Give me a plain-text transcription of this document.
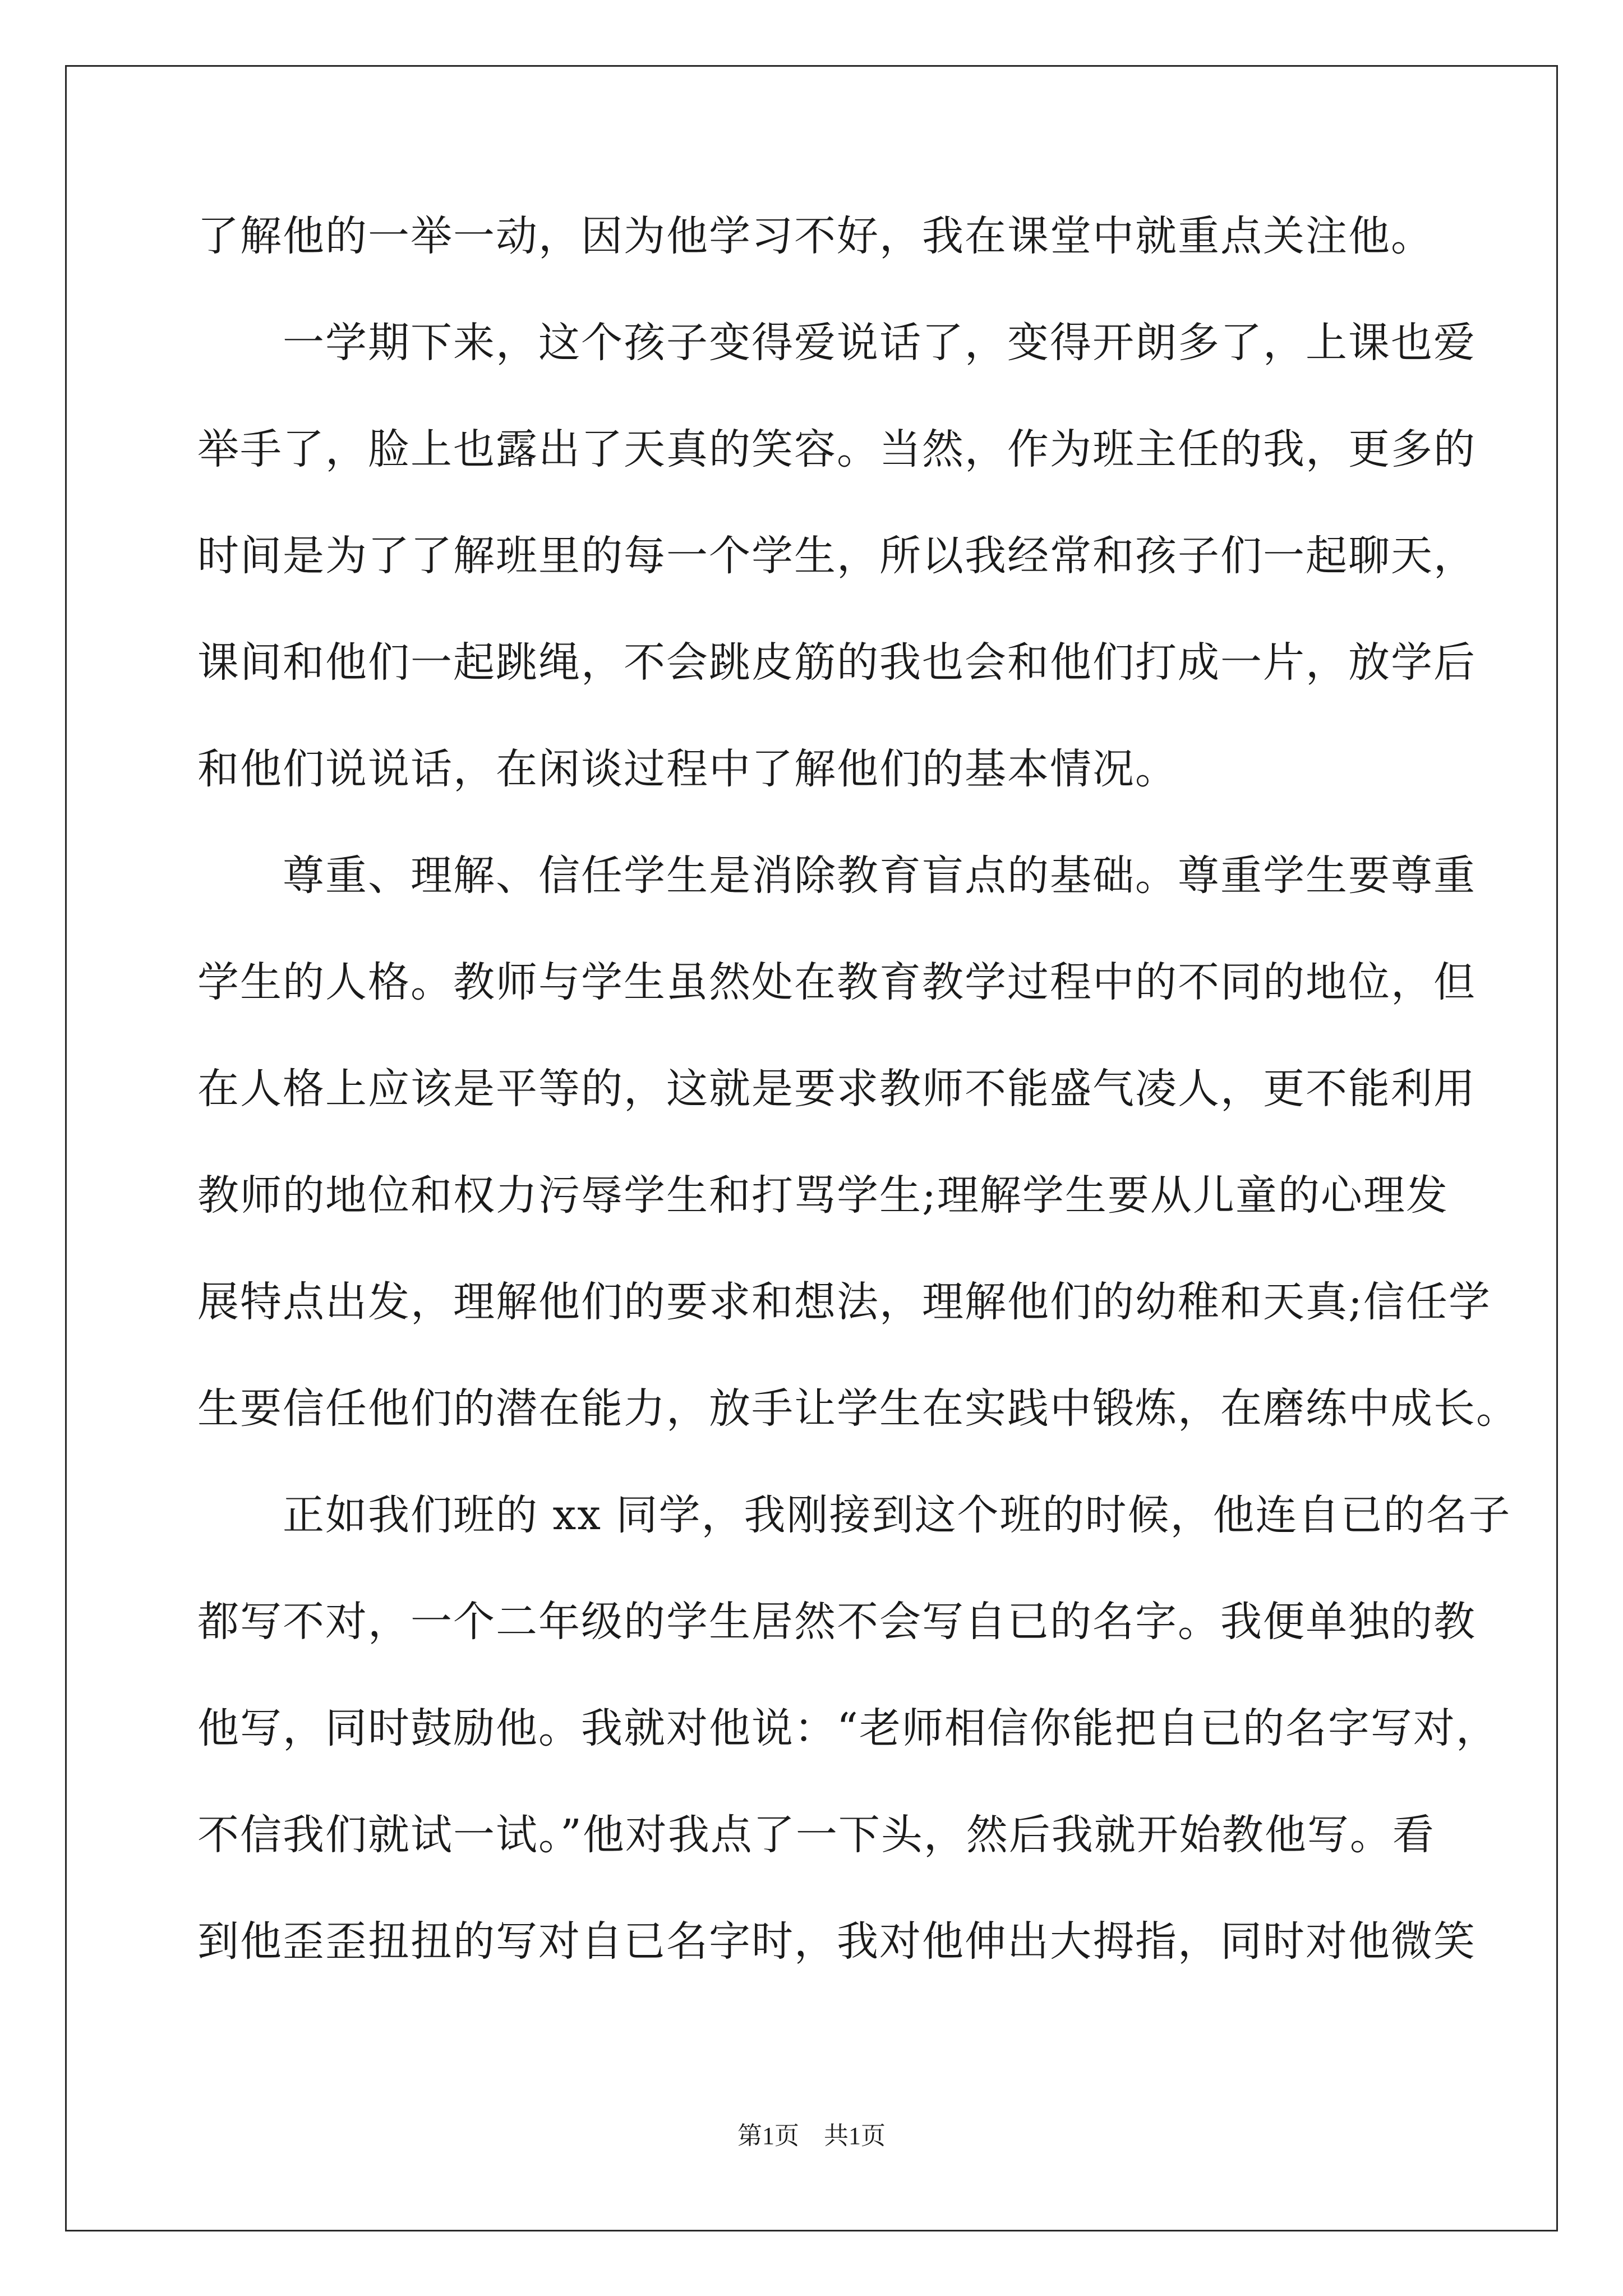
了解他的一举一动，因为他学习不好，我在课堂中就重点关注他。
　　一学期下来，这个孩子变得爱说话了，变得开朗多了，上课也爱
举手了，脸上也露出了天真的笑容。当然，作为班主任的我，更多的
时间是为了了解班里的每一个学生，所以我经常和孩子们一起聊天，
课间和他们一起跳绳，不会跳皮筋的我也会和他们打成一片，放学后
和他们说说话，在闲谈过程中了解他们的基本情况。
　　尊重、理解、信任学生是消除教育盲点的基础。尊重学生要尊重
学生的人格。教师与学生虽然处在教育教学过程中的不同的地位，但
在人格上应该是平等的，这就是要求教师不能盛气凌人，更不能利用
教师的地位和权力污辱学生和打骂学生;理解学生要从儿童的心理发
展特点出发，理解他们的要求和想法，理解他们的幼稚和天真;信任学
生要信任他们的潜在能力，放手让学生在实践中锻炼，在磨练中成长。
　　正如我们班的 xx 同学，我刚接到这个班的时候，他连自已的名子
都写不对，一个二年级的学生居然不会写自已的名字。我便单独的教
他写，同时鼓励他。我就对他说：“老师相信你能把自已的名字写对，
不信我们就试一试。”他对我点了一下头，然后我就开始教他写。看
到他歪歪扭扭的写对自已名字时，我对他伸出大拇指，同时对他微笑
第1页　共1页
